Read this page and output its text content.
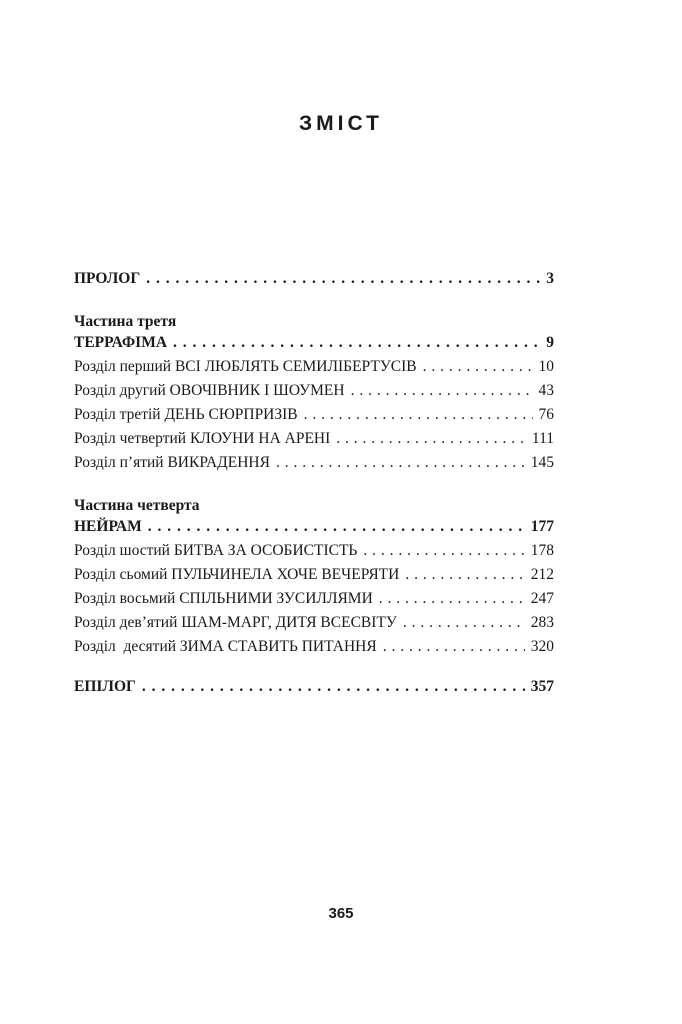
ЗМІСТ
ПРОЛОГ . . .	3
Частина третя
ТЕРРАФІМА . . .	9
Розділ перший ВСІ ЛЮБЛЯТЬ СЕМИЛІБЕРТУСІВ . . .	10
Розділ другий ОВОЧІВНИК І ШОУМЕН . . .	43
Розділ третій ДЕНЬ СЮРПРИЗІВ . . .	76
Розділ четвертий КЛОУНИ НА АРЕНІ . . .	111
Розділ п’ятий ВИКРАДЕННЯ . . .	145
Частина четверта
НЕЙРАМ . . .	177
Розділ шостий БИТВА ЗА ОСОБИСТІСТЬ . . .	178
Розділ сьомий ПУЛЬЧИНЕЛА ХОЧЕ ВЕЧЕРЯТИ . . .	212
Розділ восьмий СПІЛЬНИМИ ЗУСИЛЛЯМИ . . .	247
Розділ дев’ятий ШАМ-МАРГ, ДИТЯ ВСЕСВІТУ . . .	283
Розділ  десятий ЗИМА СТАВИТЬ ПИТАННЯ . . .	320
ЕПІЛОГ . . .	357
365
